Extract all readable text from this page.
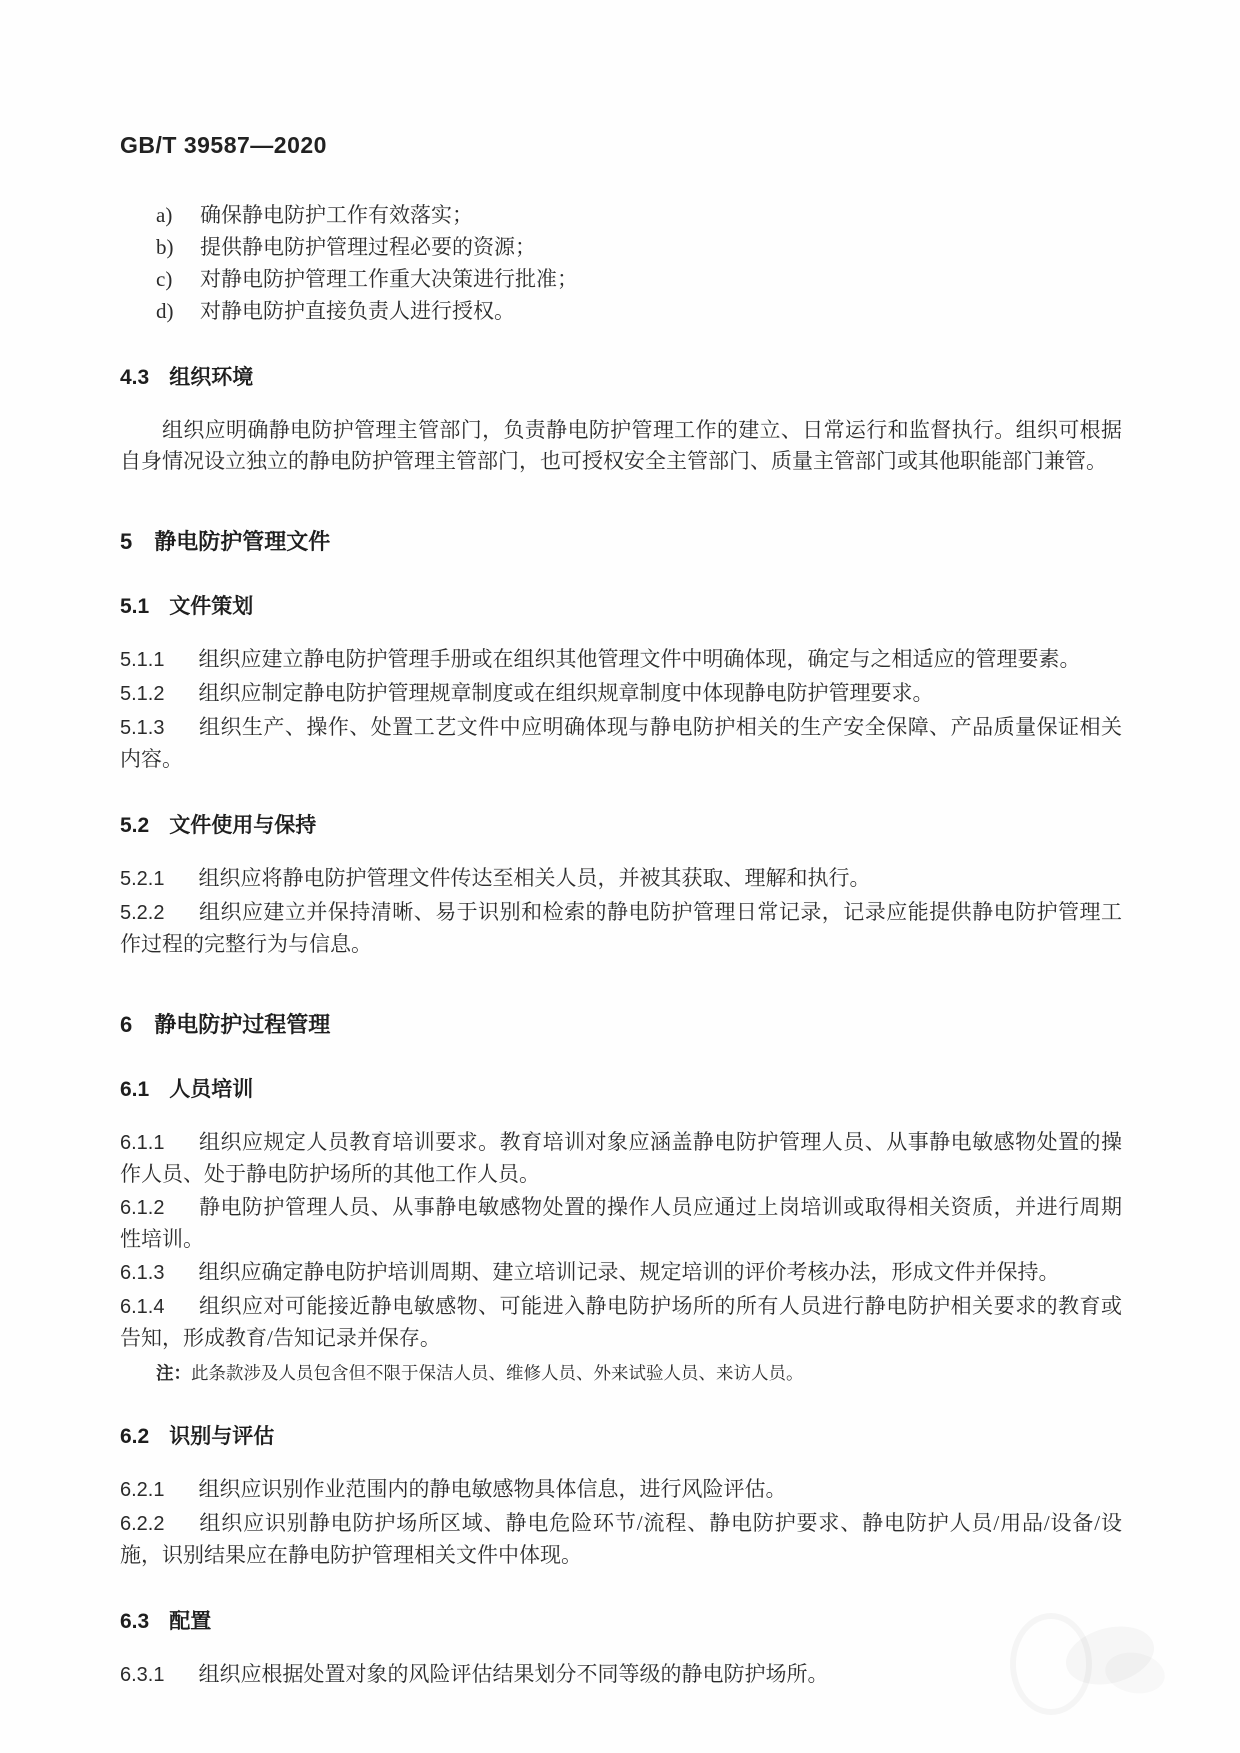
GB/T 39587—2020
a)	确保静电防护工作有效落实；
b)	提供静电防护管理过程必要的资源；
c)	对静电防护管理工作重大决策进行批准；
d)	对静电防护直接负责人进行授权。
4.3 组织环境

组织应明确静电防护管理主管部门，负责静电防护管理工作的建立、日常运行和监督执行。组织可根据自身情况设立独立的静电防护管理主管部门，也可授权安全主管部门、质量主管部门或其他职能部门兼管。

5 静电防护管理文件
5.1 文件策划

5.1.1 组织应建立静电防护管理手册或在组织其他管理文件中明确体现，确定与之相适应的管理要素。

5.1.2 组织应制定静电防护管理规章制度或在组织规章制度中体现静电防护管理要求。

5.1.3 组织生产、操作、处置工艺文件中应明确体现与静电防护相关的生产安全保障、产品质量保证相关内容。

5.2 文件使用与保持

5.2.1 组织应将静电防护管理文件传达至相关人员，并被其获取、理解和执行。

5.2.2 组织应建立并保持清晰、易于识别和检索的静电防护管理日常记录，记录应能提供静电防护管理工作过程的完整行为与信息。

6 静电防护过程管理
6.1 人员培训

6.1.1 组织应规定人员教育培训要求。教育培训对象应涵盖静电防护管理人员、从事静电敏感物处置的操作人员、处于静电防护场所的其他工作人员。

6.1.2 静电防护管理人员、从事静电敏感物处置的操作人员应通过上岗培训或取得相关资质，并进行周期性培训。

6.1.3 组织应确定静电防护培训周期、建立培训记录、规定培训的评价考核办法，形成文件并保持。

6.1.4 组织应对可能接近静电敏感物、可能进入静电防护场所的所有人员进行静电防护相关要求的教育或告知，形成教育/告知记录并保存。

注：此条款涉及人员包含但不限于保洁人员、维修人员、外来试验人员、来访人员。

6.2 识别与评估

6.2.1 组织应识别作业范围内的静电敏感物具体信息，进行风险评估。

6.2.2 组织应识别静电防护场所区域、静电危险环节/流程、静电防护要求、静电防护人员/用品/设备/设施，识别结果应在静电防护管理相关文件中体现。

6.3 配置

6.3.1 组织应根据处置对象的风险评估结果划分不同等级的静电防护场所。
